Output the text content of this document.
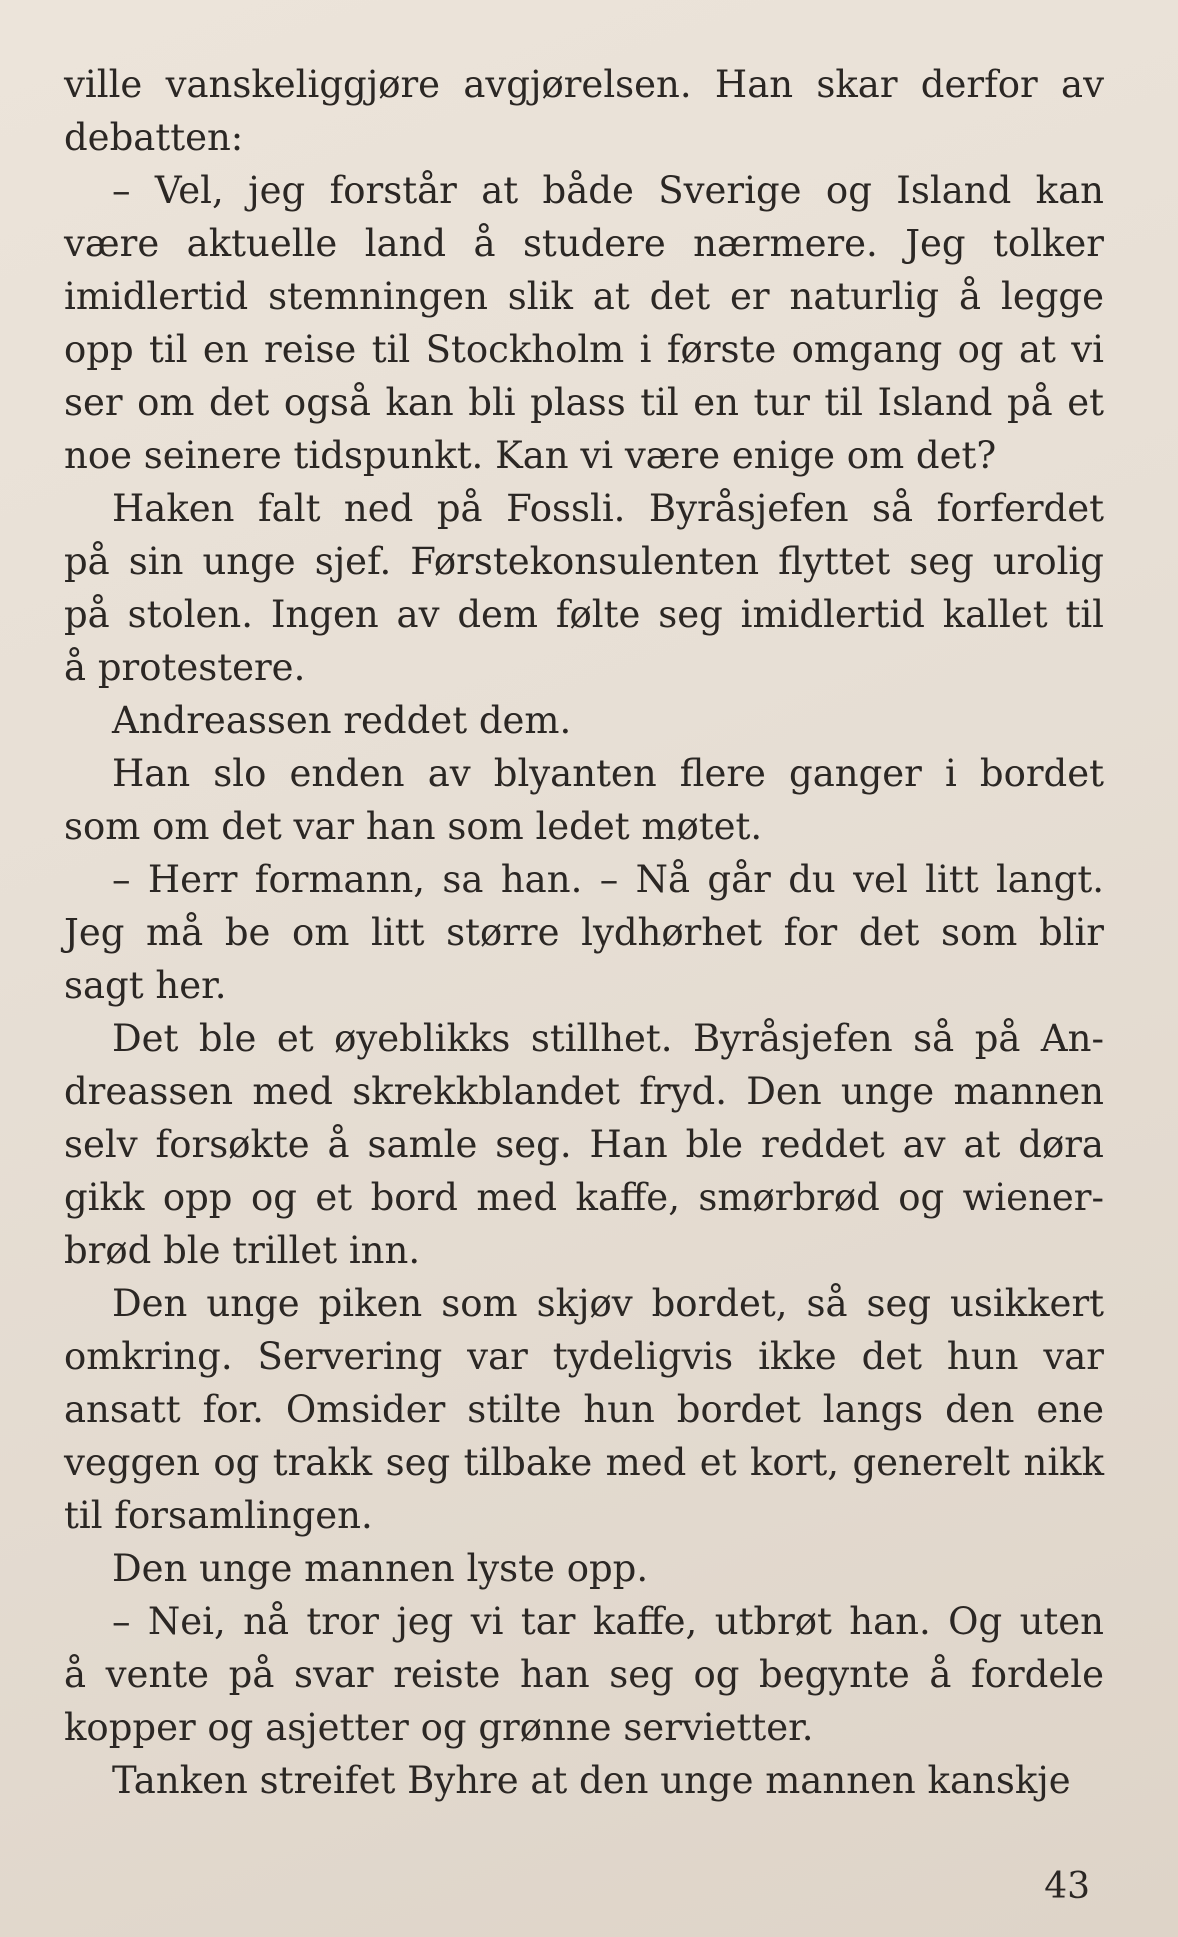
ville vanskeliggjøre avgjørelsen. Han skar derfor av
debatten:
– Vel, jeg forstår at både Sverige og Island kan
være aktuelle land å studere nærmere. Jeg tolker
imidlertid stemningen slik at det er naturlig å legge
opp til en reise til Stockholm i første omgang og at vi
ser om det også kan bli plass til en tur til Island på et
noe seinere tidspunkt. Kan vi være enige om det?
Haken falt ned på Fossli. Byråsjefen så forferdet
på sin unge sjef. Førstekonsulenten flyttet seg urolig
på stolen. Ingen av dem følte seg imidlertid kallet til
å protestere.
Andreassen reddet dem.
Han slo enden av blyanten flere ganger i bordet
som om det var han som ledet møtet.
– Herr formann, sa han. – Nå går du vel litt langt.
Jeg må be om litt større lydhørhet for det som blir
sagt her.
Det ble et øyeblikks stillhet. Byråsjefen så på An-
dreassen med skrekkblandet fryd. Den unge mannen
selv forsøkte å samle seg. Han ble reddet av at døra
gikk opp og et bord med kaffe, smørbrød og wiener-
brød ble trillet inn.
Den unge piken som skjøv bordet, så seg usikkert
omkring. Servering var tydeligvis ikke det hun var
ansatt for. Omsider stilte hun bordet langs den ene
veggen og trakk seg tilbake med et kort, generelt nikk
til forsamlingen.
Den unge mannen lyste opp.
– Nei, nå tror jeg vi tar kaffe, utbrøt han. Og uten
å vente på svar reiste han seg og begynte å fordele
kopper og asjetter og grønne servietter.
Tanken streifet Byhre at den unge mannen kanskje
43
